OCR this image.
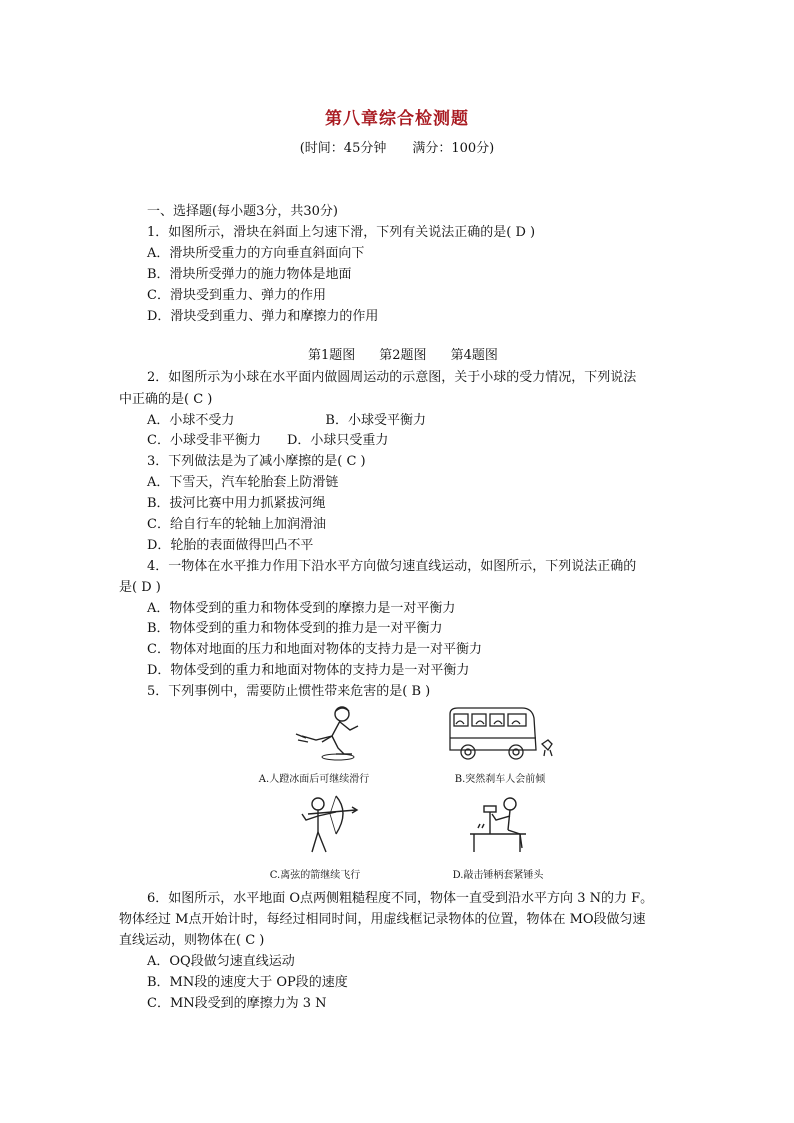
第八章综合检测题
(时间：45分钟 满分：100分)
一、选择题(每小题3分，共30分)
1．如图所示，滑块在斜面上匀速下滑，下列有关说法正确的是( D )
A．滑块所受重力的方向垂直斜面向下
B．滑块所受弹力的施力物体是地面
C．滑块受到重力、弹力的作用
D．滑块受到重力、弹力和摩擦力的作用
第1题图 第2题图 第4题图
2．如图所示为小球在水平面内做圆周运动的示意图，关于小球的受力情况，下列说法
中正确的是( C )
A．小球不受力　　　　　　　B．小球受平衡力
C．小球受非平衡力　　D．小球只受重力
3．下列做法是为了减小摩擦的是( C )
A．下雪天，汽车轮胎套上防滑链
B．拔河比赛中用力抓紧拔河绳
C．给自行车的轮轴上加润滑油
D．轮胎的表面做得凹凸不平
4．一物体在水平推力作用下沿水平方向做匀速直线运动，如图所示，下列说法正确的
是( D )
A．物体受到的重力和物体受到的摩擦力是一对平衡力
B．物体受到的重力和物体受到的推力是一对平衡力
C．物体对地面的压力和地面对物体的支持力是一对平衡力
D．物体受到的重力和地面对物体的支持力是一对平衡力
5．下列事例中，需要防止惯性带来危害的是( B )
A.人蹬冰面后可继续滑行	B.突然刹车人会前倾
C.离弦的箭继续飞行	D.敲击锤柄套紧锤头
6．如图所示，水平地面 O点两侧粗糙程度不同，物体一直受到沿水平方向 3 N的力 F。
物体经过 M点开始计时，每经过相同时间，用虚线框记录物体的位置，物体在 MO段做匀速
直线运动，则物体在( C )
A．OQ段做匀速直线运动
B．MN段的速度大于 OP段的速度
C．MN段受到的摩擦力为 3 N
